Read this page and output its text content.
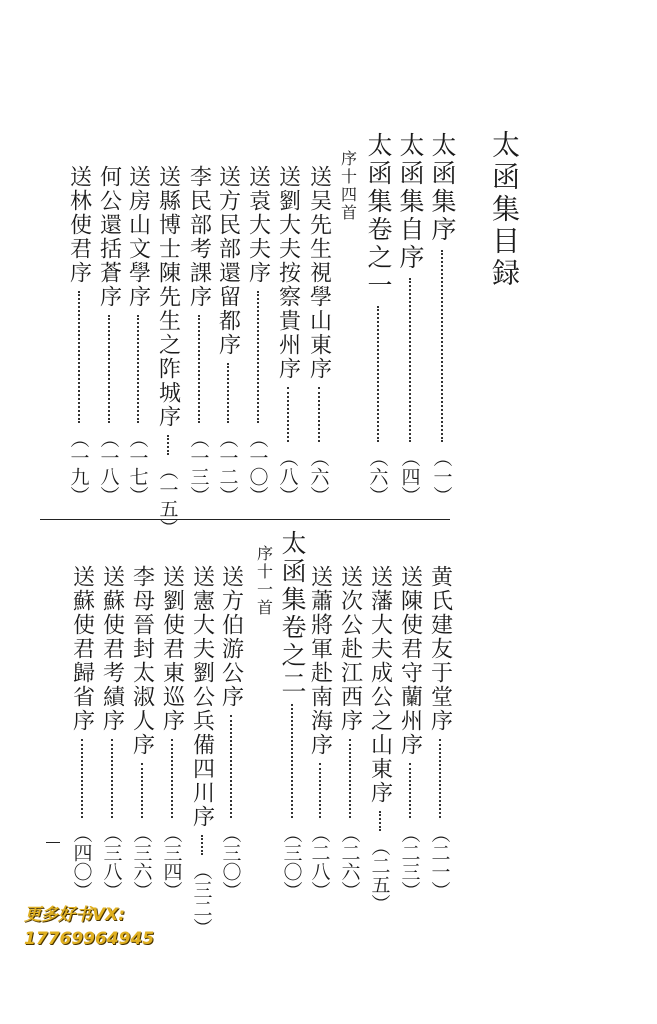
太函集目録
太函集序
（一）
太函集自序
（四）
太函集卷之一
（六）
序十四首
送吴先生視學山東序
（六）
送劉大夫按察貴州序
（八）
送袁大夫序
（一〇）
送方民部還留都序
（一二）
李民部考課序
（一三）
送縣博士陳先生之阼城序
（一五）
送房山文學序
（一七）
何公還括蒼序
（一八）
送林使君序
（一九）
黄氏建友于堂序
（二一）
送陳使君守蘭州序
（二三）
送藩大夫成公之山東序
（二五）
送次公赴江西序
（二六）
送蕭將軍赴南海序
（二八）
太函集卷之二
（三〇）
序十一首
送方伯游公序
（三〇）
送憲大夫劉公兵備四川序
（三二）
送劉使君東巡序
（三四）
李母晉封太淑人序
（三六）
送蘇使君考績序
（三八）
送蘇使君歸省序
（四〇）
更多好书VX:
17769964945
